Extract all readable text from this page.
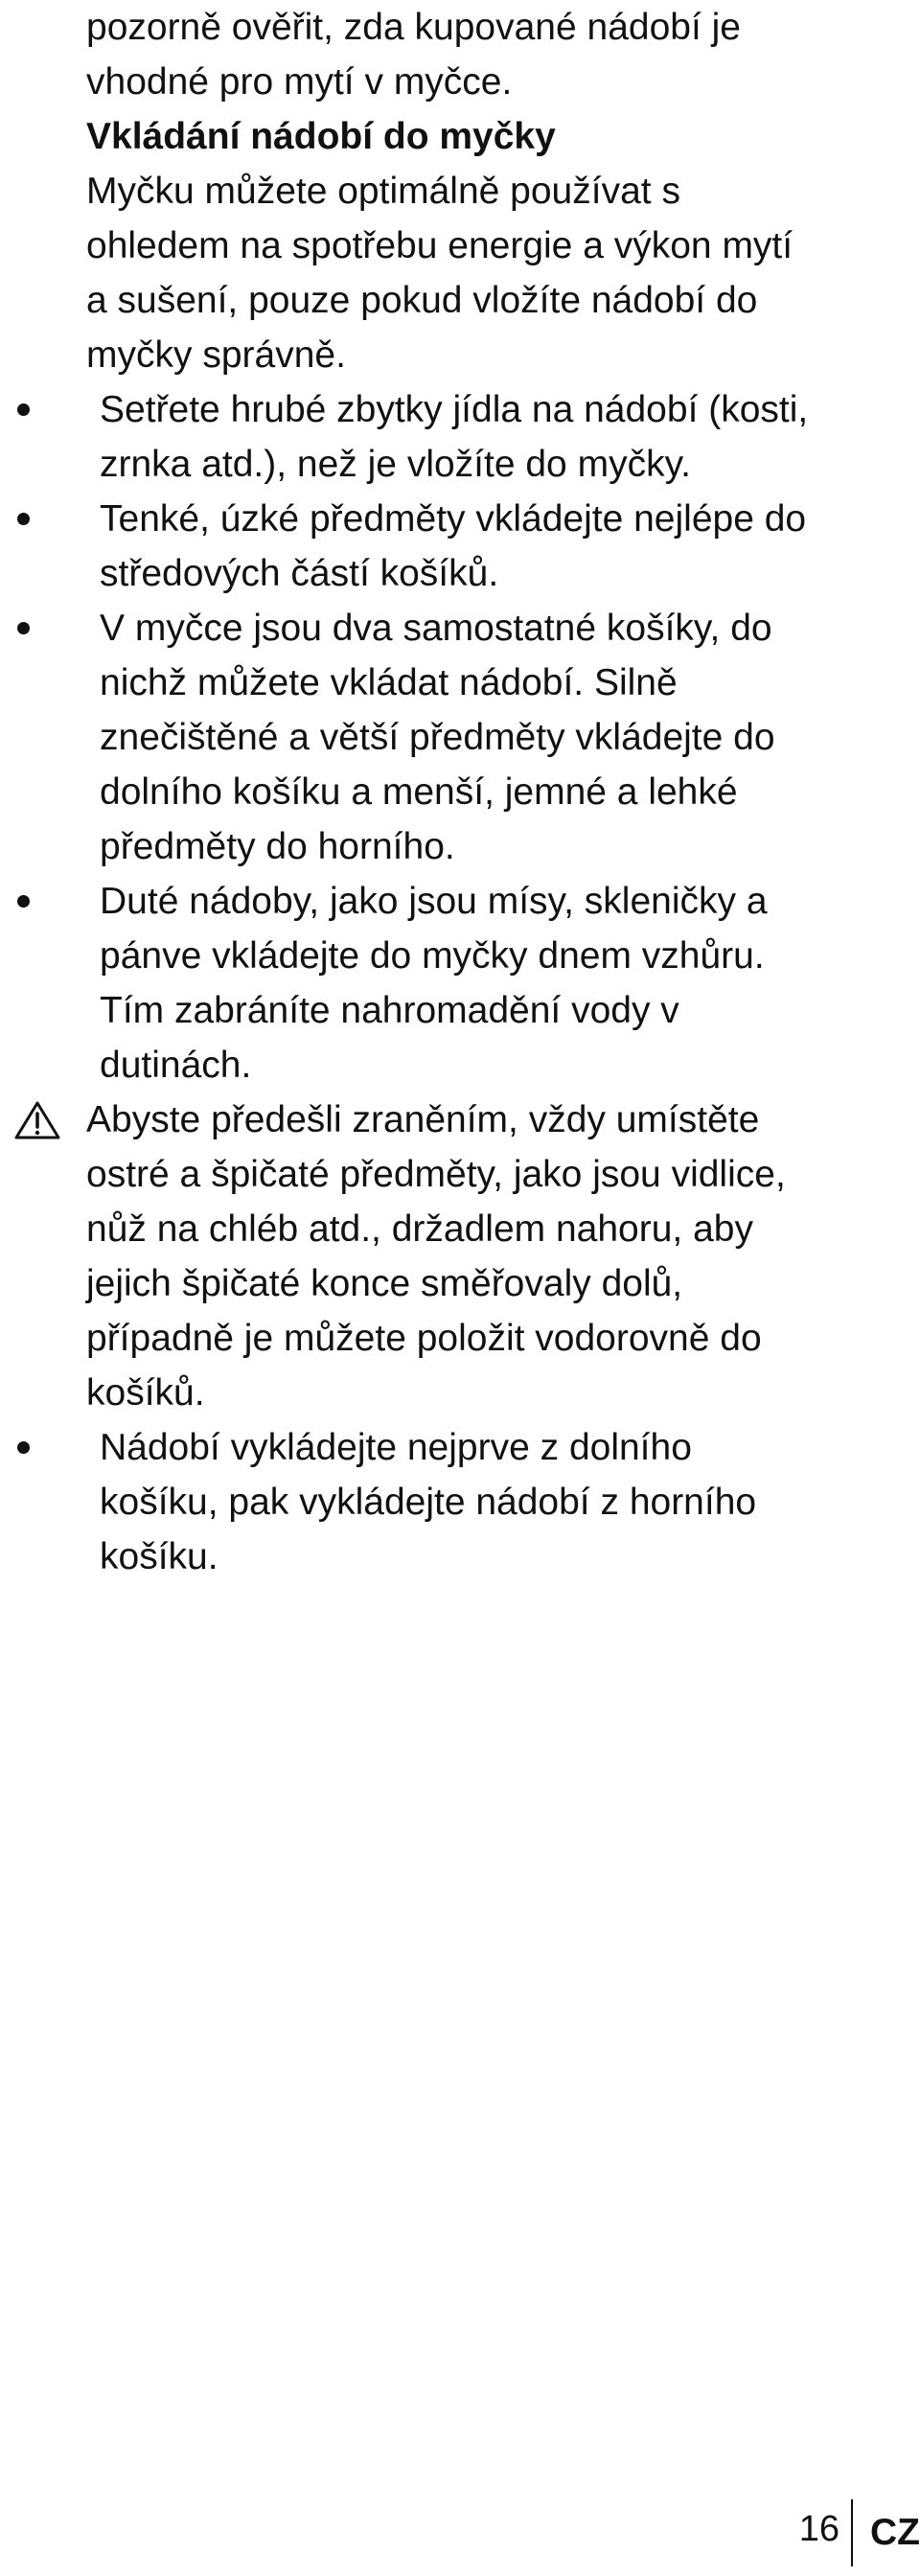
pozorně ověřit, zda kupované nádobí je vhodné pro mytí v myčce.
Vkládání nádobí do myčky
Myčku můžete optimálně používat s ohledem na spotřebu energie a výkon mytí a sušení, pouze pokud vložíte nádobí do myčky správně.
Setřete hrubé zbytky jídla na nádobí (kosti, zrnka atd.), než je vložíte do myčky.
Tenké, úzké předměty vkládejte nejlépe do středových částí košíků.
V myčce jsou dva samostatné košíky, do nichž můžete vkládat nádobí. Silně znečištěné a větší předměty vkládejte do dolního košíku a menší, jemné a lehké předměty do horního.
Duté nádoby, jako jsou mísy, skleničky a pánve vkládejte do myčky dnem vzhůru. Tím zabráníte nahromadění vody v dutinách.
Abyste předešli zraněním, vždy umístěte ostré a špičaté předměty, jako jsou vidlice, nůž na chléb atd., držadlem nahoru, aby jejich špičaté konce směřovaly dolů, případně je můžete položit vodorovně do košíků.
Nádobí vykládejte nejprve z dolního košíku, pak vykládejte nádobí z horního košíku.
16 CZ
